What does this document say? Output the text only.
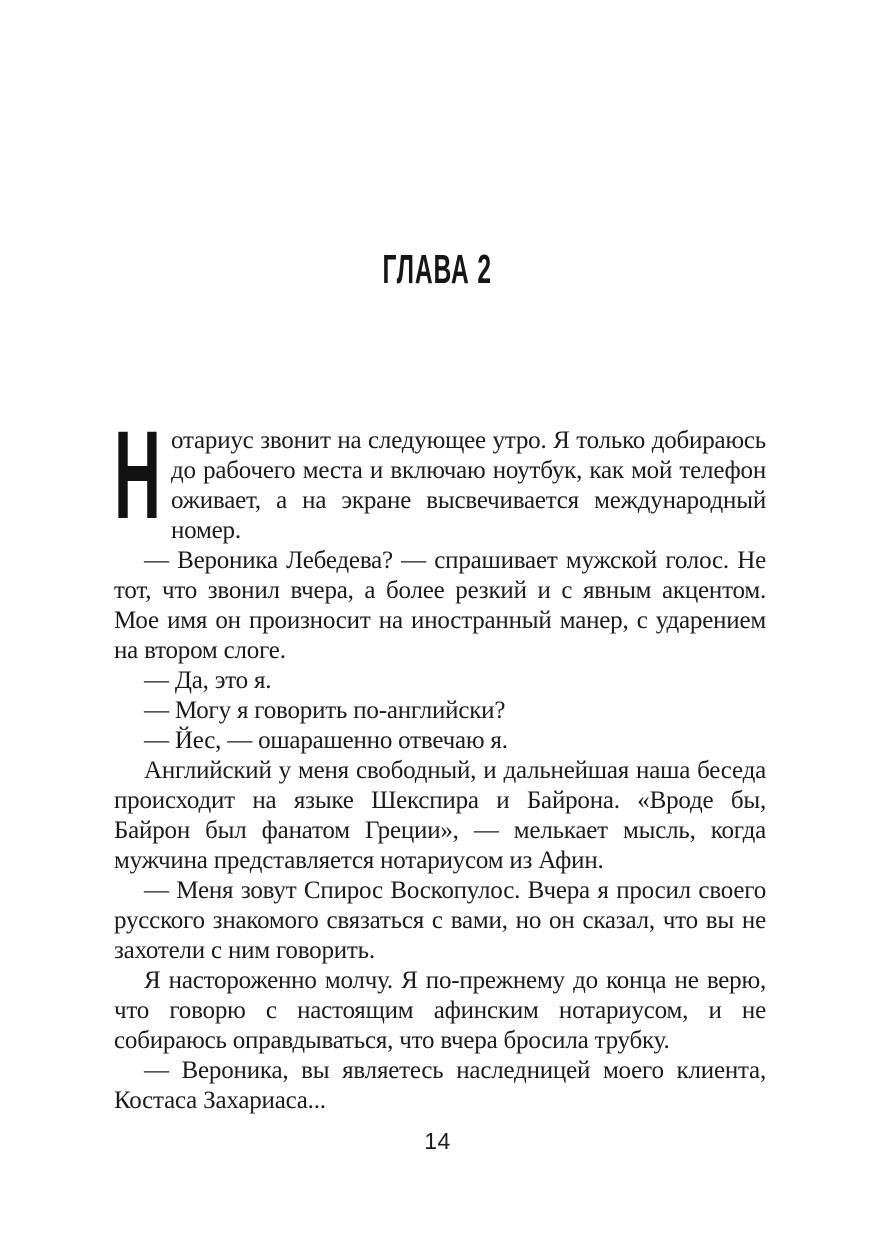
ГЛАВА 2

Н отариус звонит на следующее утро. Я только добираюсь до рабочего места и включаю ноутбук, как мой телефон оживает, а на экране высвечивается международный номер.

— Вероника Лебедева? — спрашивает мужской голос. Не тот, что звонил вчера, а более резкий и с явным акцентом. Мое имя он произносит на иностранный манер, с ударением на втором слоге.

— Да, это я.

— Могу я говорить по-английски?

— Йес, — ошарашенно отвечаю я.

Английский у меня свободный, и дальнейшая наша беседа происходит на языке Шекспира и Байрона. «Вроде бы, Байрон был фанатом Греции», — мелькает мысль, когда мужчина представляется нотариусом из Афин.

— Меня зовут Спирос Воскопулос. Вчера я просил своего русского знакомого связаться с вами, но он сказал, что вы не захотели с ним говорить.

Я настороженно молчу. Я по-прежнему до конца не верю, что говорю с настоящим афинским нотариусом, и не собираюсь оправдываться, что вчера бросила трубку.

— Вероника, вы являетесь наследницей моего клиента, Костаса Захариаса...

14
